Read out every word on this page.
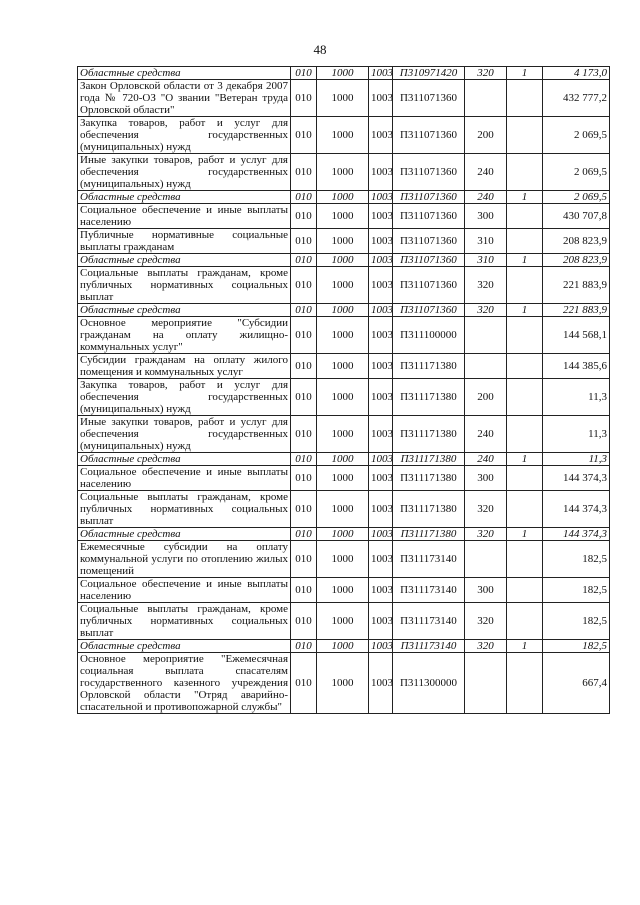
48
Областные средства	010	1000	1003	П310971420	320	1	4 173,0
Закон Орловской области от 3 декабря 2007 года № 720-ОЗ "О звании "Ветеран труда Орловской области"	010	1000	1003	П311071360			432 777,2
Закупка товаров, работ и услуг для обеспечения государственных (муниципальных) нужд	010	1000	1003	П311071360	200		2 069,5
Иные закупки товаров, работ и услуг для обеспечения государственных (муниципальных) нужд	010	1000	1003	П311071360	240		2 069,5
Областные средства	010	1000	1003	П311071360	240	1	2 069,5
Социальное обеспечение и иные выплаты населению	010	1000	1003	П311071360	300		430 707,8
Публичные нормативные социальные выплаты гражданам	010	1000	1003	П311071360	310		208 823,9
Областные средства	010	1000	1003	П311071360	310	1	208 823,9
Социальные выплаты гражданам, кроме публичных нормативных социальных выплат	010	1000	1003	П311071360	320		221 883,9
Областные средства	010	1000	1003	П311071360	320	1	221 883,9
Основное мероприятие "Субсидии гражданам на оплату жилищно-коммунальных услуг"	010	1000	1003	П311100000			144 568,1
Субсидии гражданам на оплату жилого помещения и коммунальных услуг	010	1000	1003	П311171380			144 385,6
Закупка товаров, работ и услуг для обеспечения государственных (муниципальных) нужд	010	1000	1003	П311171380	200		11,3
Иные закупки товаров, работ и услуг для обеспечения государственных (муниципальных) нужд	010	1000	1003	П311171380	240		11,3
Областные средства	010	1000	1003	П311171380	240	1	11,3
Социальное обеспечение и иные выплаты населению	010	1000	1003	П311171380	300		144 374,3
Социальные выплаты гражданам, кроме публичных нормативных социальных выплат	010	1000	1003	П311171380	320		144 374,3
Областные средства	010	1000	1003	П311171380	320	1	144 374,3
Ежемесячные субсидии на оплату коммунальной услуги по отоплению жилых помещений	010	1000	1003	П311173140			182,5
Социальное обеспечение и иные выплаты населению	010	1000	1003	П311173140	300		182,5
Социальные выплаты гражданам, кроме публичных нормативных социальных выплат	010	1000	1003	П311173140	320		182,5
Областные средства	010	1000	1003	П311173140	320	1	182,5
Основное мероприятие "Ежемесячная социальная выплата спасателям государственного казенного учреждения Орловской области "Отряд аварийно-спасательной и противопожарной службы"	010	1000	1003	П311300000			667,4
